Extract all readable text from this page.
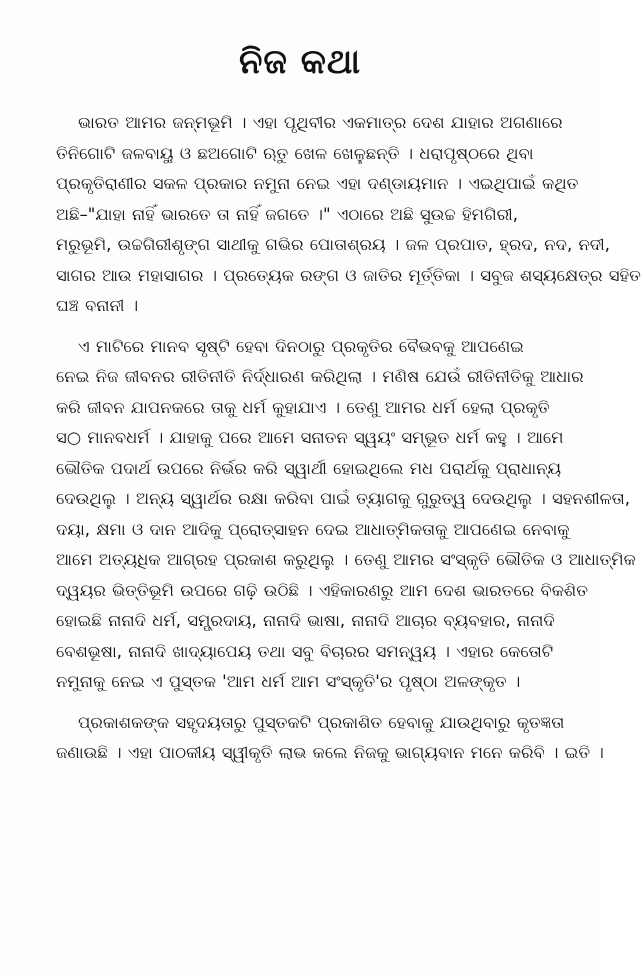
ନିଜ କଥା

ଭାରତ ଆମର ଜନ୍ମଭୂମି । ଏହା ପୃଥିବୀର ଏକମାତ୍ର ଦେଶ ଯାହାର ଅଗଣାରେ
ତିନିଗୋଟି ଜଳବାୟୁ ଓ ଛଅଗୋଟି ଋତୁ ଖେଳ ଖେଳୁଛନ୍ତି । ଧରାପୃଷ୍ଠରେ ଥିବା
ପ୍ରକୃତିରାଣୀର ସକଳ ପ୍ରକାର ନମୁନା ନେଇ ଏହା ଦଣ୍ଡାୟମାନ । ଏଇଥିପାଇଁ କଥିତ
ଅଛି–"ଯାହା ନାହିଁ ଭାରତେ ତା ନାହିଁ ଜଗତେ ।" ଏଠାରେ ଅଛି ସୁଉଚ୍ଚ ହିମଗିରୀ,
ମରୁଭୂମି, ଉଚ୍ଚଗିରୀଶୃଙ୍ଗ ସାଥୀକୁ ଗଭିର ପୋତାଶ୍ରୟ । ଜଳ ପ୍ରପାତ, ହ୍ରଦ, ନଦ, ନଦୀ,
ସାଗର ଆଉ ମହାସାଗର । ପ୍ରତ୍ୟେକ ରଙ୍ଗ ଓ ଜାତିର ମୂର୍ତ୍ତିକା । ସବୁଜ ଶସ୍ୟକ୍ଷେତ୍ର ସହିତ
ଘଞ୍ଚ ବନାନୀ ।

ଏ ମାଟିରେ ମାନବ ସୃଷ୍ଟି ହେବା ଦିନଠାରୁ ପ୍ରକୃତିର ବୈଭବକୁ ଆପଣେଇ
ନେଇ ନିଜ ଜୀବନର ରୀତିନୀତି ନିର୍ଦ୍ଧାରଣ କରିଥିଲା । ମଣିଷ ଯେଉଁ ରୀତିନୀତିକୁ ଆଧାର
କରି ଜୀବନ ଯାପନକରେ ତାକୁ ଧର୍ମ କୁହାଯାଏ । ତେଣୁ ଆମର ଧର୍ମ ହେଲା ପ୍ରକୃତି
ସ○ ମାନବଧର୍ମ । ଯାହାକୁ ପରେ ଆମେ ସନାତନ ସ୍ୱୟଂ ସମ୍ଭୂତ ଧର୍ମ କହୁ । ଆମେ
ଭୌତିକ ପଦାର୍ଥ ଉପରେ ନିର୍ଭର କରି ସ୍ୱାର୍ଥୀ ହୋଇଥିଲେ ମଧ ପରାର୍ଥକୁ ପ୍ରାଧାନ୍ୟ
ଦେଉଥିଲୁ । ଅନ୍ୟ ସ୍ୱାର୍ଥର ରକ୍ଷା କରିବା ପାଇଁ ତ୍ୟାଗକୁ ଗୁରୁତ୍ୱ ଦେଉଥିଲୁ । ସହନଶୀଳତା,
ଦୟା, କ୍ଷମା ଓ ଦାନ ଆଦିକୁ ପ୍ରୋତ୍ସାହନ ଦେଇ ଆଧାତ୍ମିକତାକୁ ଆପଣେଇ ନେବାକୁ
ଆମେ ଅତ୍ୟଧିକ ଆଗ୍ରହ ପ୍ରକାଶ କରୁଥିଲୁ । ତେଣୁ ଆମର ସଂସ୍କୃତି ଭୌତିକ ଓ ଆଧାତ୍ମିକ
ଦ୍ୱୟର ଭିତ୍ତିଭୂମି ଉପରେ ଗଢ଼ି ଉଠିଛି । ଏହିକାରଣରୁ ଆମ ଦେଶ ଭାରତରେ ବିକଶିତ
ହୋଇଛି ନାନାଦି ଧର୍ମ, ସମ୍ପ୍ରଦାୟ, ନାନାଦି ଭାଷା, ନାନାଦି ଆଚାର ବ୍ୟବହାର, ନାନାଦି
ବେଶଭୂଷା, ନାନାଦି ଖାଦ୍ୟାପେୟ ତଥା ସବୁ ବିଚାରର ସମନ୍ୱୟ । ଏହାର କେତୋଟି
ନମୁନାକୁ ନେଇ ଏ ପୁସ୍ତକ 'ଆମ ଧର୍ମ ଆମ ସଂସ୍କୃତି'ର ପୃଷ୍ଠା ଅଳଙ୍କୃତ ।

ପ୍ରକାଶକଙ୍କ ସହୃଦୟତାରୁ ପୁସ୍ତକଟି ପ୍ରକାଶିତ ହେବାକୁ ଯାଉଥିବାରୁ କୃତଜ୍ଞତା
ଜଣାଉଛି । ଏହା ପାଠକୀୟ ସ୍ୱୀକୃତି ଲାଭ କଲେ ନିଜକୁ ଭାଗ୍ୟବାନ ମନେ କରିବି । ଇତି ।
